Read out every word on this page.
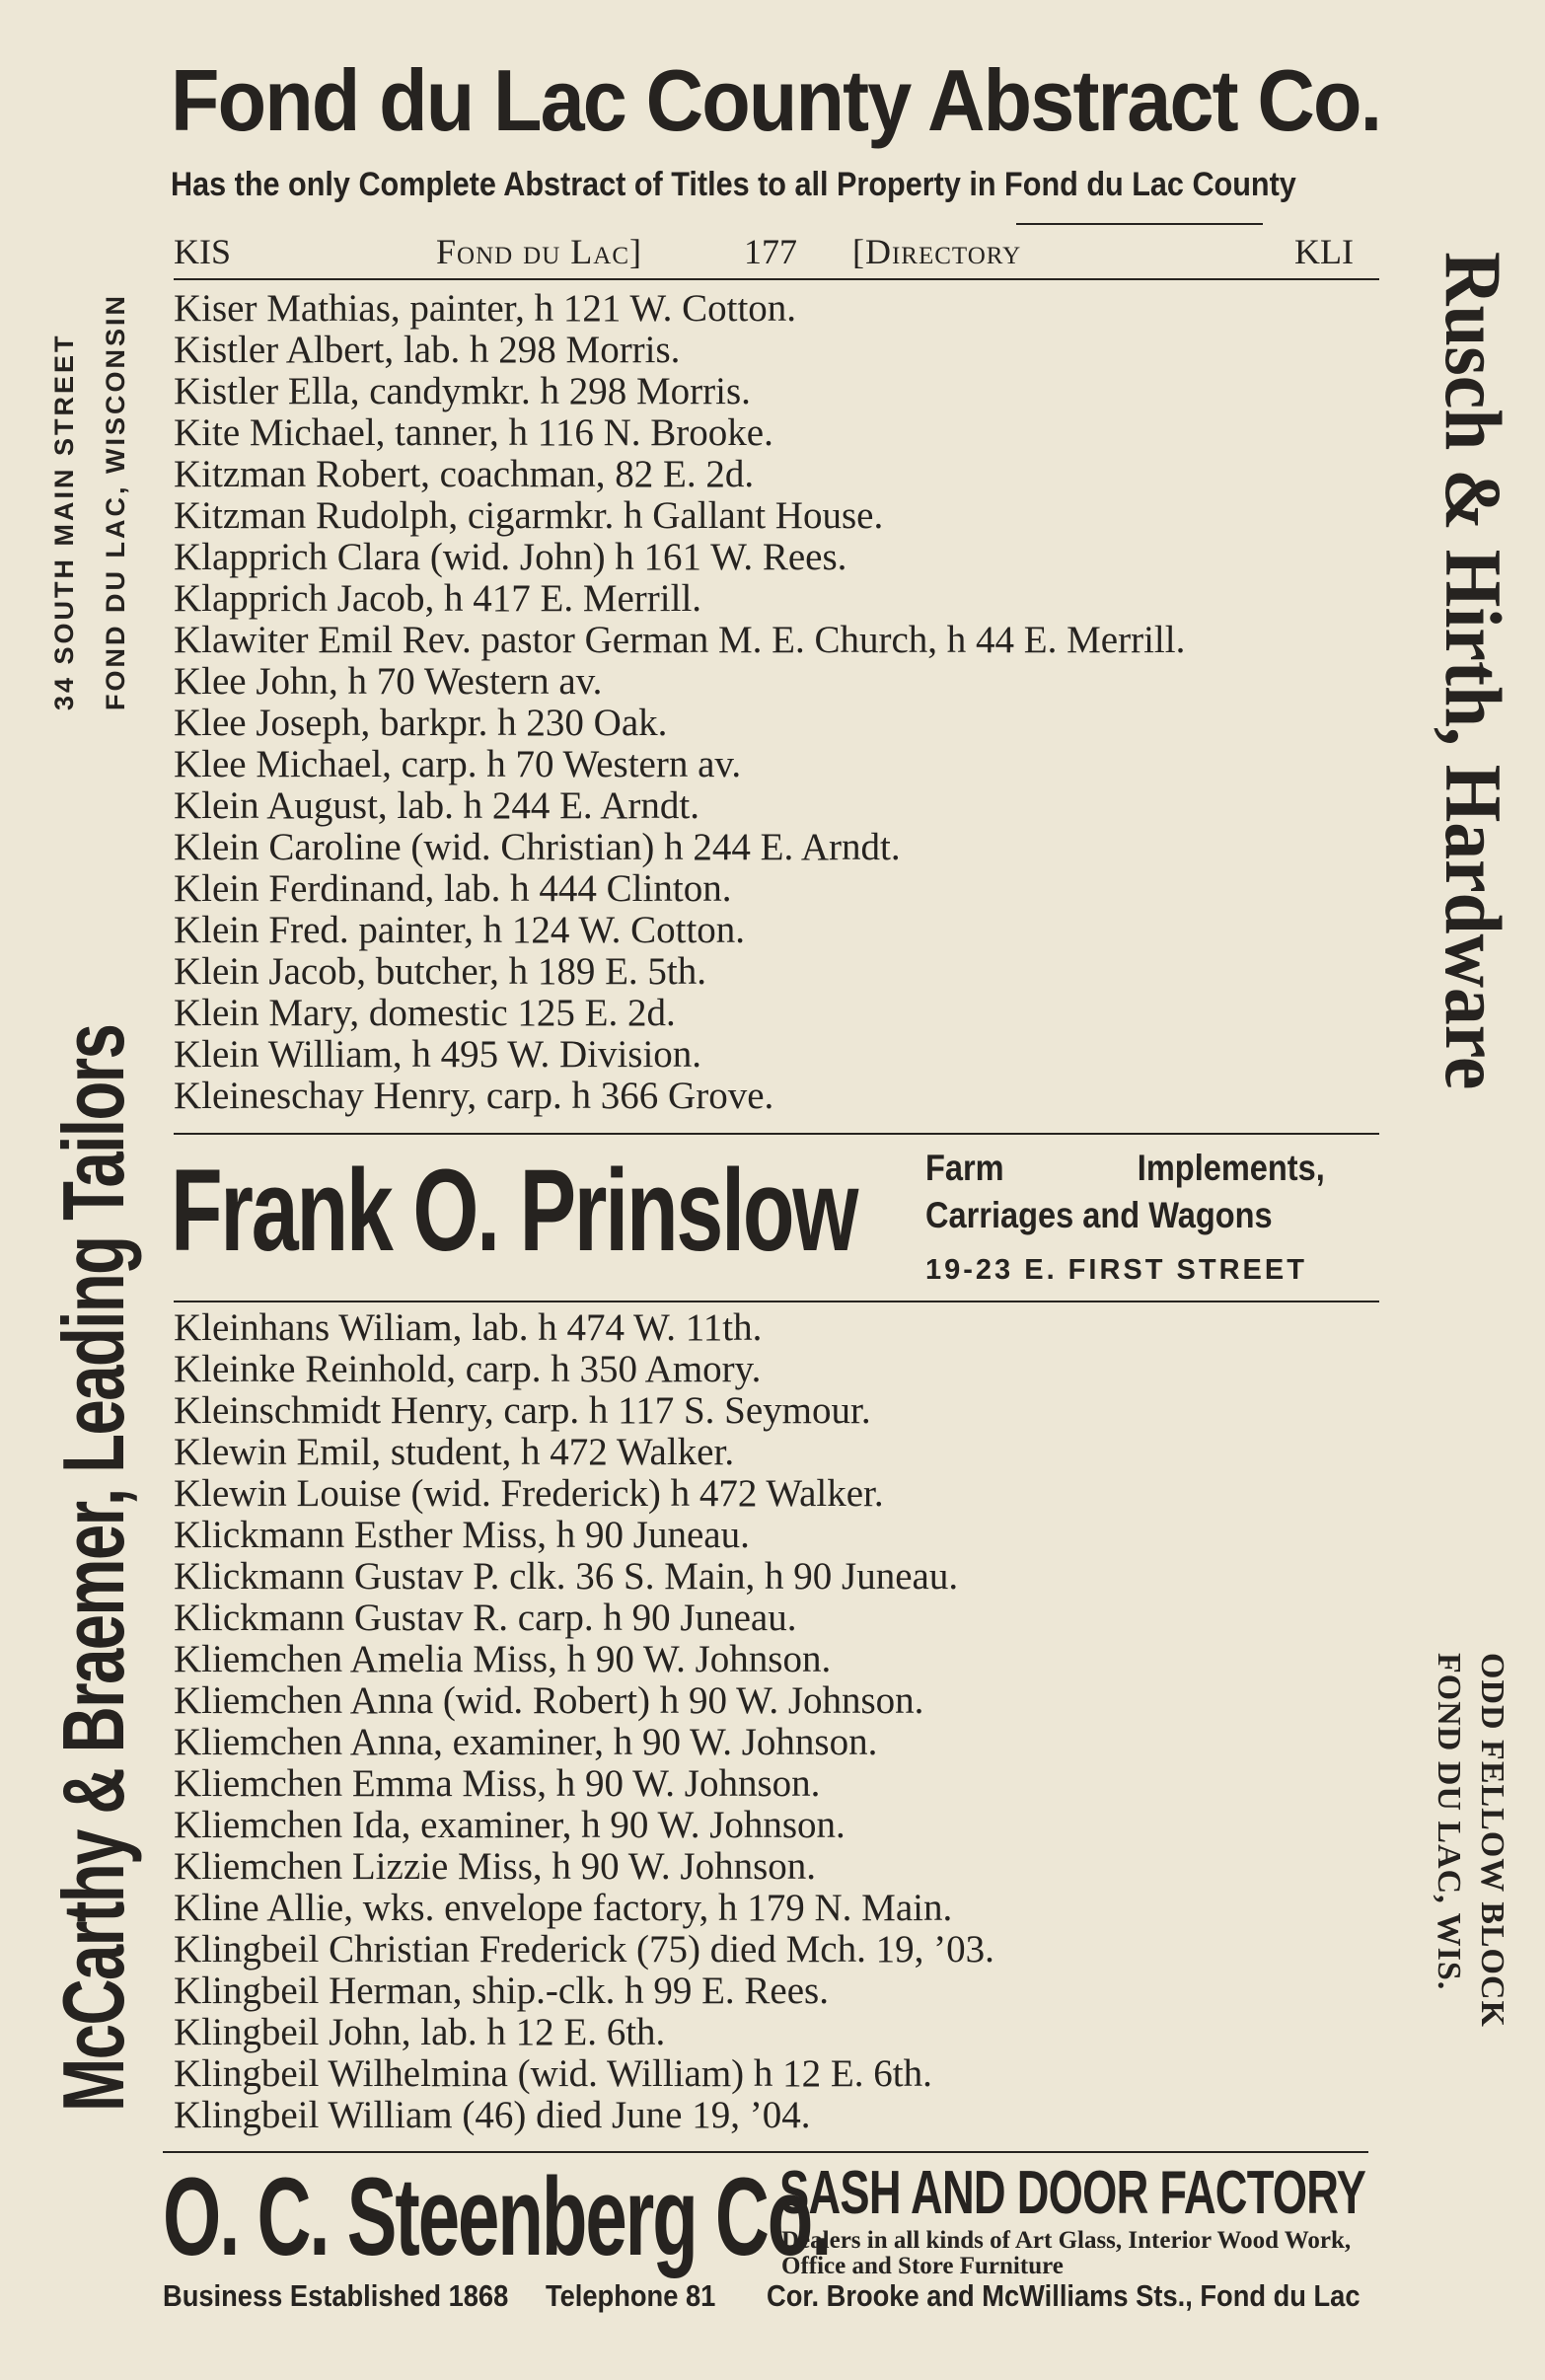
Fond du Lac County Abstract Co.
Has the only Complete Abstract of Titles to all Property in Fond du Lac County
KIS	Fond du Lac]	177 [Directory	KLI
Kiser Mathias, painter, h 121 W. Cotton.
Kistler Albert, lab. h 298 Morris.
Kistler Ella, candymkr. h 298 Morris.
Kite Michael, tanner, h 116 N. Brooke.
Kitzman Robert, coachman, 82 E. 2d.
Kitzman Rudolph, cigarmkr. h Gallant House.
Klapprich Clara (wid. John) h 161 W. Rees.
Klapprich Jacob, h 417 E. Merrill.
Klawiter Emil Rev. pastor German M. E. Church, h 44 E. Merrill.
Klee John, h 70 Western av.
Klee Joseph, barkpr. h 230 Oak.
Klee Michael, carp. h 70 Western av.
Klein August, lab. h 244 E. Arndt.
Klein Caroline (wid. Christian) h 244 E. Arndt.
Klein Ferdinand, lab. h 444 Clinton.
Klein Fred. painter, h 124 W. Cotton.
Klein Jacob, butcher, h 189 E. 5th.
Klein Mary, domestic 125 E. 2d.
Klein William, h 495 W. Division.
Kleineschay Henry, carp. h 366 Grove.
Frank O. Prinslow Farm Implements, Carriages and Wagons
19-23 E. FIRST STREET
Kleinhans Wiliam, lab. h 474 W. 11th.
Kleinke Reinhold, carp. h 350 Amory.
Kleinschmidt Henry, carp. h 117 S. Seymour.
Klewin Emil, student, h 472 Walker.
Klewin Louise (wid. Frederick) h 472 Walker.
Klickmann Esther Miss, h 90 Juneau.
Klickmann Gustav P. clk. 36 S. Main, h 90 Juneau.
Klickmann Gustav R. carp. h 90 Juneau.
Kliemchen Amelia Miss, h 90 W. Johnson.
Kliemchen Anna (wid. Robert) h 90 W. Johnson.
Kliemchen Anna, examiner, h 90 W. Johnson.
Kliemchen Emma Miss, h 90 W. Johnson.
Kliemchen Ida, examiner, h 90 W. Johnson.
Kliemchen Lizzie Miss, h 90 W. Johnson.
Kline Allie, wks. envelope factory, h 179 N. Main.
Klingbeil Christian Frederick (75) died Mch. 19, ’03.
Klingbeil Herman, ship.-clk. h 99 E. Rees.
Klingbeil John, lab. h 12 E. 6th.
Klingbeil Wilhelmina (wid. William) h 12 E. 6th.
Klingbeil William (46) died June 19, ’04.
O. C. Steenberg Co.
SASH AND DOOR FACTORY
Dealers in all kinds of Art Glass, Interior Wood Work, Office and Store Furniture
Business Established 1868 Telephone 81 Cor. Brooke and McWilliams Sts., Fond du Lac
McCarthy & Braemer, Leading Tailors
34 SOUTH MAIN STREET FOND DU LAC, WISCONSIN	Rusch & Hirth, Hardware
ODD FELLOW BLOCK
FOND DU LAC, WIS.
